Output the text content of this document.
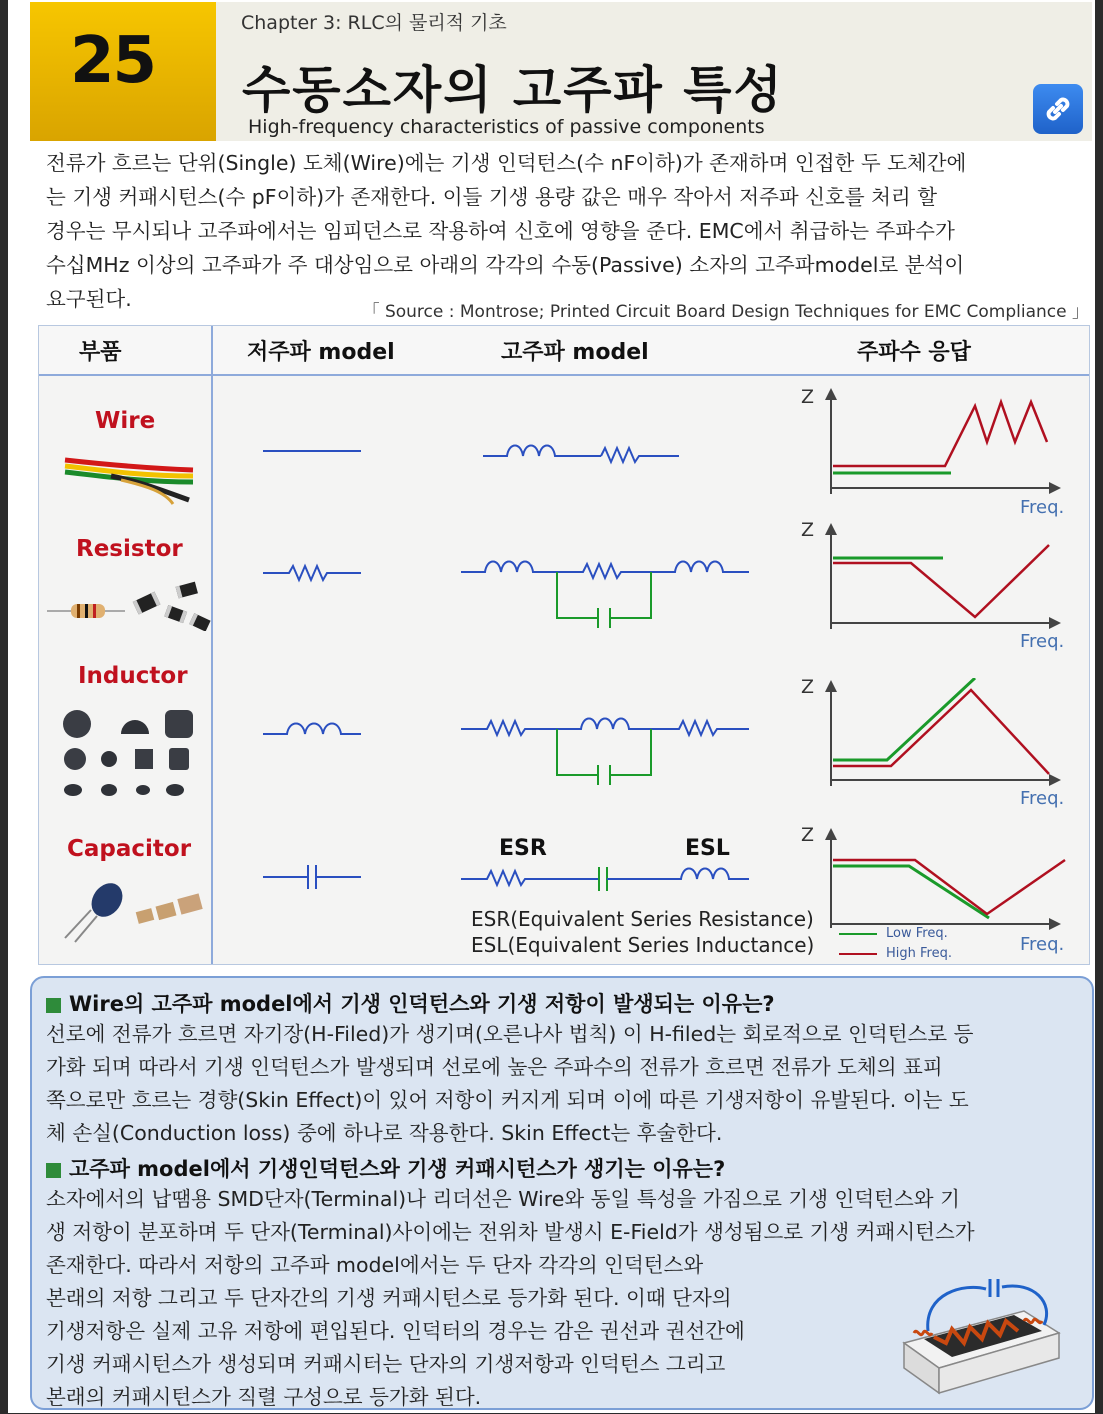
25
Chapter 3: RLC의 물리적 기초
수동소자의 고주파 특성
High-frequency characteristics of passive components
전류가 흐르는 단위(Single) 도체(Wire)에는 기생 인덕턴스(수 nF이하)가 존재하며 인접한 두 도체간에
는 기생 커패시턴스(수 pF이하)가 존재한다. 이들 기생 용량 값은 매우 작아서 저주파 신호를 처리 할
경우는 무시되나 고주파에서는 임피던스로 작용하여 신호에 영향을 준다. EMC에서 취급하는 주파수가
수십MHz 이상의 고주파가 주 대상임으로 아래의 각각의 수동(Passive) 소자의 고주파model로 분석이
요구된다.
「 Source : Montrose; Printed Circuit Board Design Techniques for EMC Compliance 」
부품	저주파 model	고주파 model	주파수 응답
Wire
Resistor
Inductor
Capacitor	ESR	ESL
ESR(Equivalent Series Resistance)
ESL(Equivalent Series Inductance)
Z
Freq.
Z
Freq.
Z
Freq.
Z
Freq.
Low Freq.
High Freq.
Wire의 고주파 model에서 기생 인덕턴스와 기생 저항이 발생되는 이유는?
선로에 전류가 흐르면 자기장(H-Filed)가 생기며(오른나사 법칙) 이 H-filed는 회로적으로 인덕턴스로 등
가화 되며 따라서 기생 인덕턴스가 발생되며 선로에 높은 주파수의 전류가 흐르면 전류가 도체의 표피
쪽으로만 흐르는 경향(Skin Effect)이 있어 저항이 커지게 되며 이에 따른 기생저항이 유발된다. 이는 도
체 손실(Conduction loss) 중에 하나로 작용한다. Skin Effect는 후술한다.
고주파 model에서 기생인덕턴스와 기생 커패시턴스가 생기는 이유는?
소자에서의 납땜용 SMD단자(Terminal)나 리더선은 Wire와 동일 특성을 가짐으로 기생 인덕턴스와 기
생 저항이 분포하며 두 단자(Terminal)사이에는 전위차 발생시 E-Field가 생성됨으로 기생 커패시턴스가
존재한다. 따라서 저항의 고주파 model에서는 두 단자 각각의 인덕턴스와
본래의 저항 그리고 두 단자간의 기생 커패시턴스로 등가화 된다. 이때 단자의
기생저항은 실제 고유 저항에 편입된다. 인덕터의 경우는 감은 권선과 권선간에
기생 커패시턴스가 생성되며 커패시터는 단자의 기생저항과 인덕턴스 그리고
본래의 커패시턴스가 직렬 구성으로 등가화 된다.
